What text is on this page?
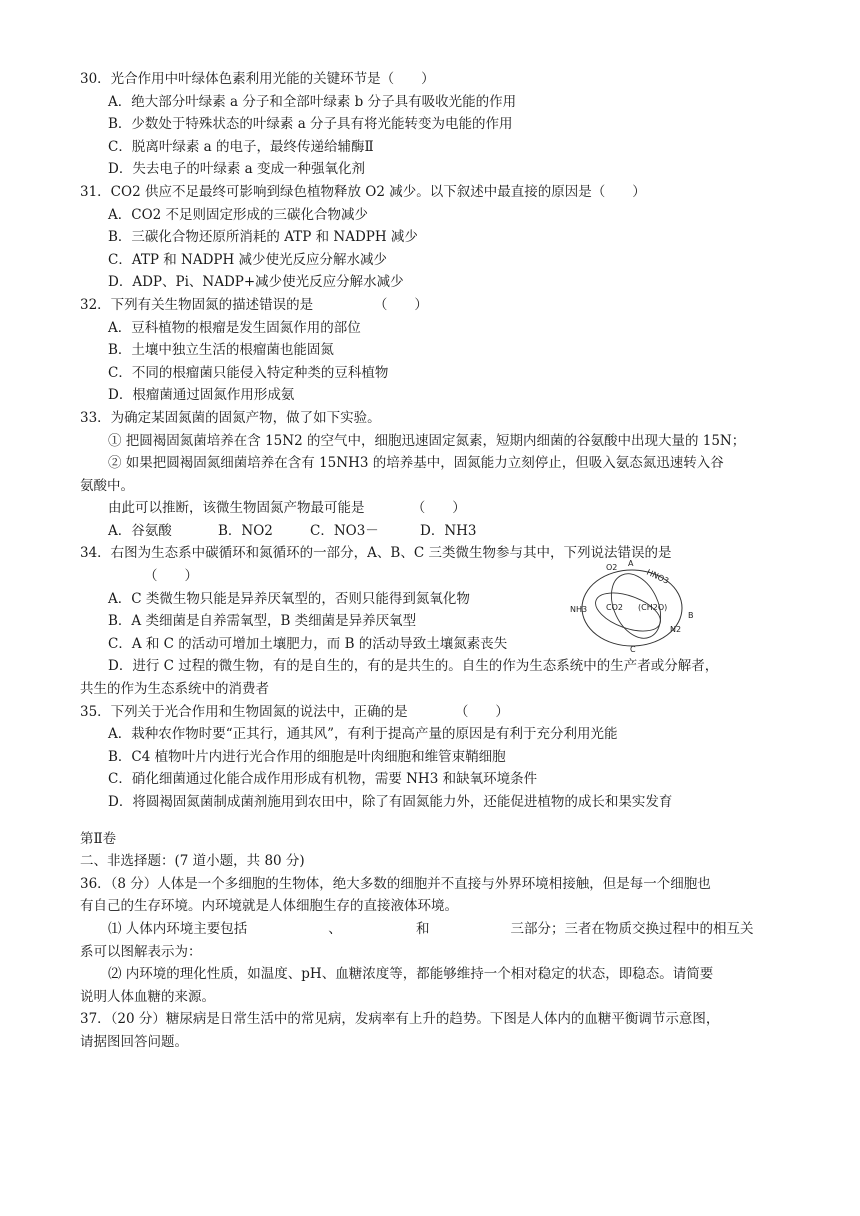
30．光合作用中叶绿体色素利用光能的关键环节是（　　）
A．绝大部分叶绿素 a 分子和全部叶绿素 b 分子具有吸收光能的作用
B．少数处于特殊状态的叶绿素 a 分子具有将光能转变为电能的作用
C．脱离叶绿素 a 的电子，最终传递给辅酶Ⅱ
D．失去电子的叶绿素 a 变成一种强氧化剂
31．CO2 供应不足最终可影响到绿色植物释放 O2 减少。以下叙述中最直接的原因是（　　）
A．CO2 不足则固定形成的三碳化合物减少
B．三碳化合物还原所消耗的 ATP 和 NADPH 减少
C．ATP 和 NADPH 减少使光反应分解水减少
D．ADP、Pi、NADP+减少使光反应分解水减少
32．下列有关生物固氮的描述错误的是　　　　　（　　）
A．豆科植物的根瘤是发生固氮作用的部位
B．土壤中独立生活的根瘤菌也能固氮
C．不同的根瘤菌只能侵入特定种类的豆科植物
D．根瘤菌通过固氮作用形成氨
33．为确定某固氮菌的固氮产物，做了如下实验。
① 把圆褐固氮菌培养在含 15N2 的空气中，细胞迅速固定氮素，短期内细菌的谷氨酸中出现大量的 15N；
② 如果把圆褐固氮细菌培养在含有 15NH3 的培养基中，固氮能力立刻停止，但吸入氨态氮迅速转入谷
氨酸中。
由此可以推断，该微生物固氮产物最可能是　　　　（　　）
A．谷氨酸	B．NO2	C．NO3－	D．NH3
34．右图为生态系中碳循环和氮循环的一部分，A、B、C 三类微生物参与其中，下列说法错误的是
（　　）
A．C 类微生物只能是异养厌氧型的，否则只能得到氮氧化物
B．A 类细菌是自养需氧型，B 类细菌是异养厌氧型
C．A 和 C 的活动可增加土壤肥力，而 B 的活动导致土壤氮素丧失
D．进行 C 过程的微生物，有的是自生的，有的是共生的。自生的作为生态系统中的生产者或分解者，
共生的作为生态系统中的消费者
35．下列关于光合作用和生物固氮的说法中，正确的是　　　　（　　）
A．栽种农作物时要“正其行，通其风”，有利于提高产量的原因是有利于充分利用光能
B．C4 植物叶片内进行光合作用的细胞是叶肉细胞和维管束鞘细胞
C．硝化细菌通过化能合成作用形成有机物，需要 NH3 和缺氧环境条件
D．将圆褐固氮菌制成菌剂施用到农田中，除了有固氮能力外，还能促进植物的成长和果实发育
第Ⅱ卷
二、非选择题：(7 道小题，共 80 分)
36．（8 分）人体是一个多细胞的生物体，绝大多数的细胞并不直接与外界环境相接触，但是每一个细胞也
有自己的生存环境。内环境就是人体细胞生存的直接液体环境。
⑴ 人体内环境主要包括　　　　　　、　　　　　　和　　　　　　三部分；三者在物质交换过程中的相互关
系可以图解表示为：
⑵ 内环境的理化性质，如温度、pH、血糖浓度等，都能够维持一个相对稳定的状态，即稳态。请简要
说明人体血糖的来源。
37．（20 分）糖尿病是日常生活中的常见病，发病率有上升的趋势。下图是人体内的血糖平衡调节示意图，
请据图回答问题。
O2 A
HNO3
NH3 CO2 (CH2O)
B
N2
C
